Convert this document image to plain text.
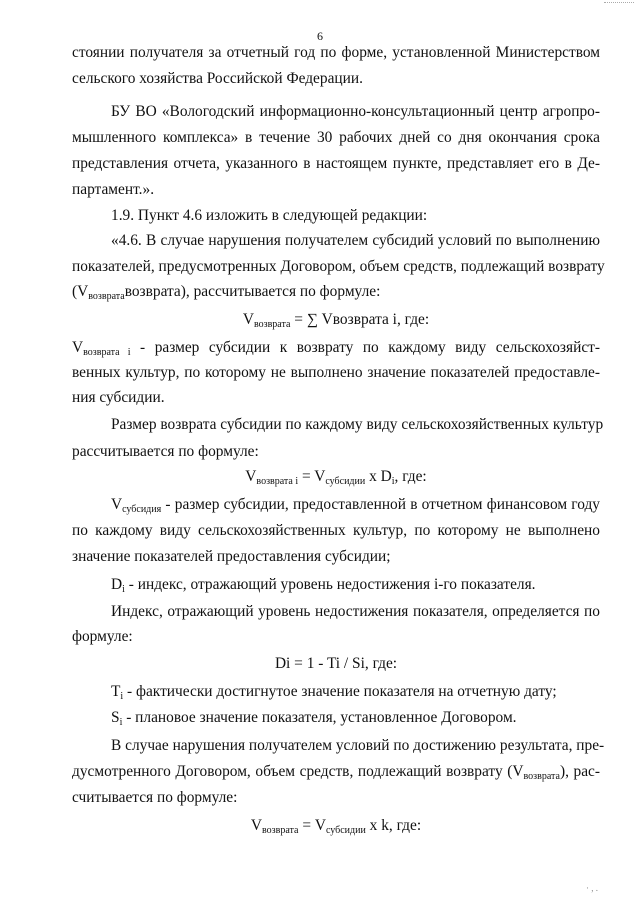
6
стоянии получателя за отчетный год по форме, установленной Министерством
сельского хозяйства Российской Федерации.
БУ ВО «Вологодский информационно-консультационный центр агропро-
мышленного комплекса» в течение 30 рабочих дней со дня окончания срока
представления отчета, указанного в настоящем пункте, представляет его в Де-
партамент.».
1.9. Пункт 4.6 изложить в следующей редакции:
«4.6. В случае нарушения получателем субсидий условий по выполнению
показателей, предусмотренных Договором, объем средств, подлежащий возврату
(Vвозвратавозврата), рассчитывается по формуле:
Vвозврата = ∑ Vвозврата i, где:
Vвозврата i - размер субсидии к возврату по каждому виду сельскохозяйст-
венных культур, по которому не выполнено значение показателей предоставле-
ния субсидии.
Размер возврата субсидии по каждому виду сельскохозяйственных культур
рассчитывается по формуле:
Vвозврата i = Vсубсидии x Di, где:
Vсубсидия - размер субсидии, предоставленной в отчетном финансовом году
по каждому виду сельскохозяйственных культур, по которому не выполнено
значение показателей предоставления субсидии;
Di - индекс, отражающий уровень недостижения i-го показателя.
Индекс, отражающий уровень недостижения показателя, определяется по
формуле:
Di = 1 - Ti / Si, где:
Ti - фактически достигнутое значение показателя на отчетную дату;
Si - плановое значение показателя, установленное Договором.
В случае нарушения получателем условий по достижению результата, пре-
дусмотренного Договором, объем средств, подлежащий возврату (Vвозврата), рас-
считывается по формуле:
Vвозврата = Vсубсидии x k, где:
· , .
